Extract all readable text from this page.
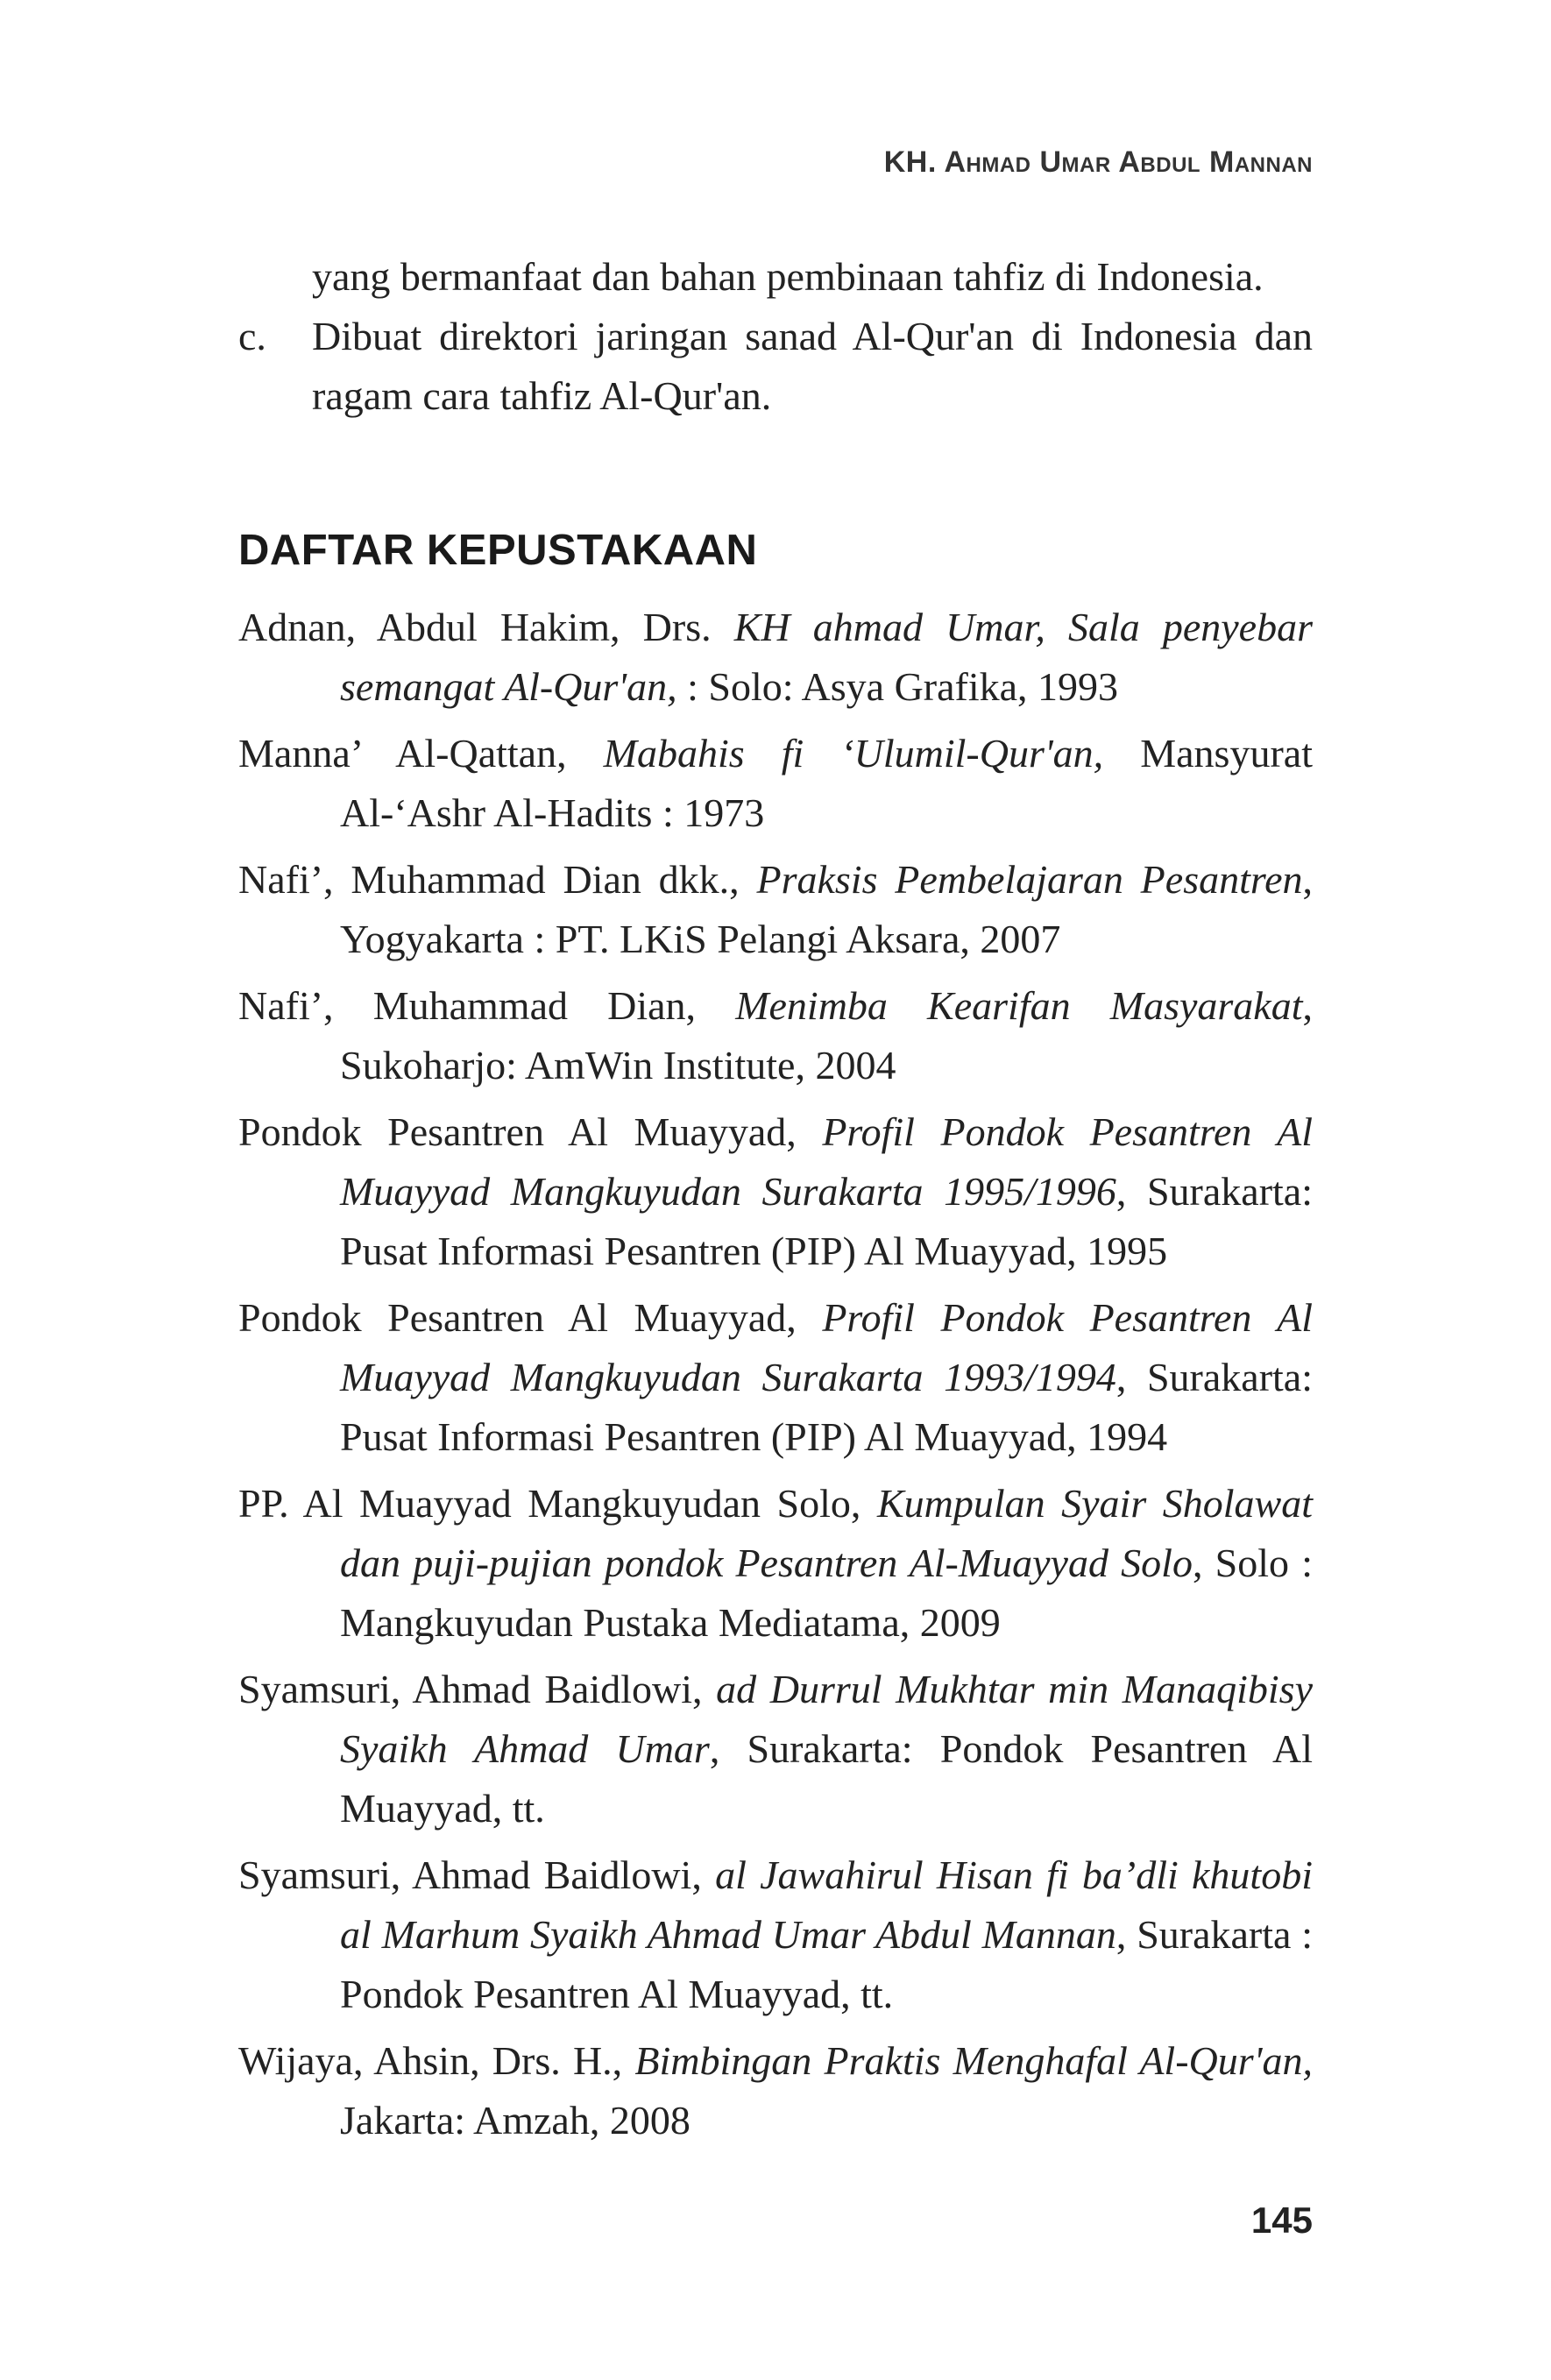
KH. Ahmad Umar Abdul Mannan
yang bermanfaat dan bahan pembinaan tahfiz di Indonesia.
c.	Dibuat direktori jaringan sanad Al-Qur'an di Indonesia dan ragam cara tahfiz Al-Qur'an.
DAFTAR KEPUSTAKAAN
Adnan, Abdul Hakim, Drs. KH ahmad Umar, Sala penyebar semangat Al-Qur'an, : Solo: Asya Grafika, 1993
Manna’ Al-Qattan, Mabahis fi ‘Ulumil-Qur'an, Mansyurat Al-‘Ashr Al-Hadits : 1973
Nafi’, Muhammad Dian dkk., Praksis Pembelajaran Pesantren, Yogyakarta : PT. LKiS Pelangi Aksara, 2007
Nafi’, Muhammad Dian, Menimba Kearifan Masyarakat, Sukoharjo: AmWin Institute, 2004
Pondok Pesantren Al Muayyad, Profil Pondok Pesantren Al Muayyad Mangkuyudan Surakarta 1995/1996, Surakarta: Pusat Informasi Pesantren (PIP) Al Muayyad, 1995
Pondok Pesantren Al Muayyad, Profil Pondok Pesantren Al Muayyad Mangkuyudan Surakarta 1993/1994, Surakarta: Pusat Informasi Pesantren (PIP) Al Muayyad, 1994
PP. Al Muayyad Mangkuyudan Solo, Kumpulan Syair Sholawat dan puji-pujian pondok Pesantren Al-Muayyad Solo, Solo : Mangkuyudan Pustaka Mediatama, 2009
Syamsuri, Ahmad Baidlowi, ad Durrul Mukhtar min Manaqibisy Syaikh Ahmad Umar, Surakarta: Pondok Pesantren Al Muayyad, tt.
Syamsuri, Ahmad Baidlowi, al Jawahirul Hisan fi ba’dli khutobi al Marhum Syaikh Ahmad Umar Abdul Mannan, Surakarta : Pondok Pesantren Al Muayyad, tt.
Wijaya, Ahsin, Drs. H., Bimbingan Praktis Menghafal Al-Qur'an, Jakarta: Amzah, 2008
145
